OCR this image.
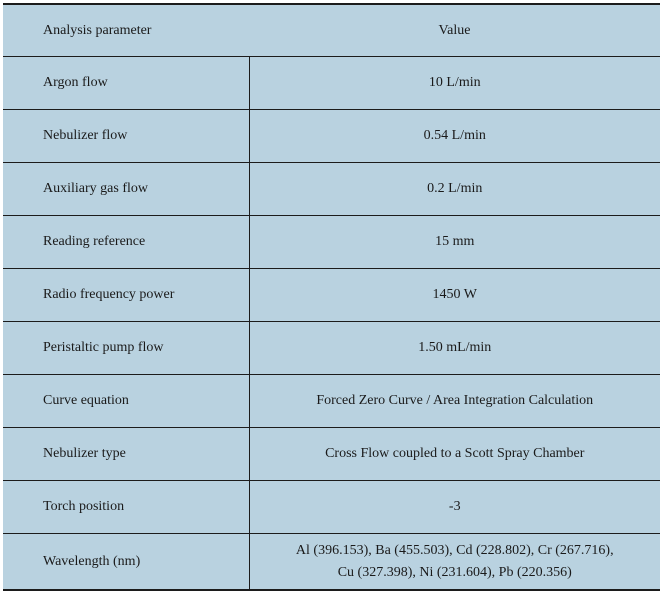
Analysis parameter	Value
Argon flow	10 L/min

Nebulizer flow	0.54 L/min

Auxiliary gas flow	0.2 L/min

Reading reference	15 mm

Radio frequency power	1450 W

Peristaltic pump flow	1.50 mL/min

Curve equation	Forced Zero Curve / Area Integration Calculation

Nebulizer type	Cross Flow coupled to a Scott Spray Chamber

Torch position	-3

Wavelength (nm)	Al (396.153), Ba (455.503), Cd (228.802), Cr (267.716),
Cu (327.398), Ni (231.604), Pb (220.356)
